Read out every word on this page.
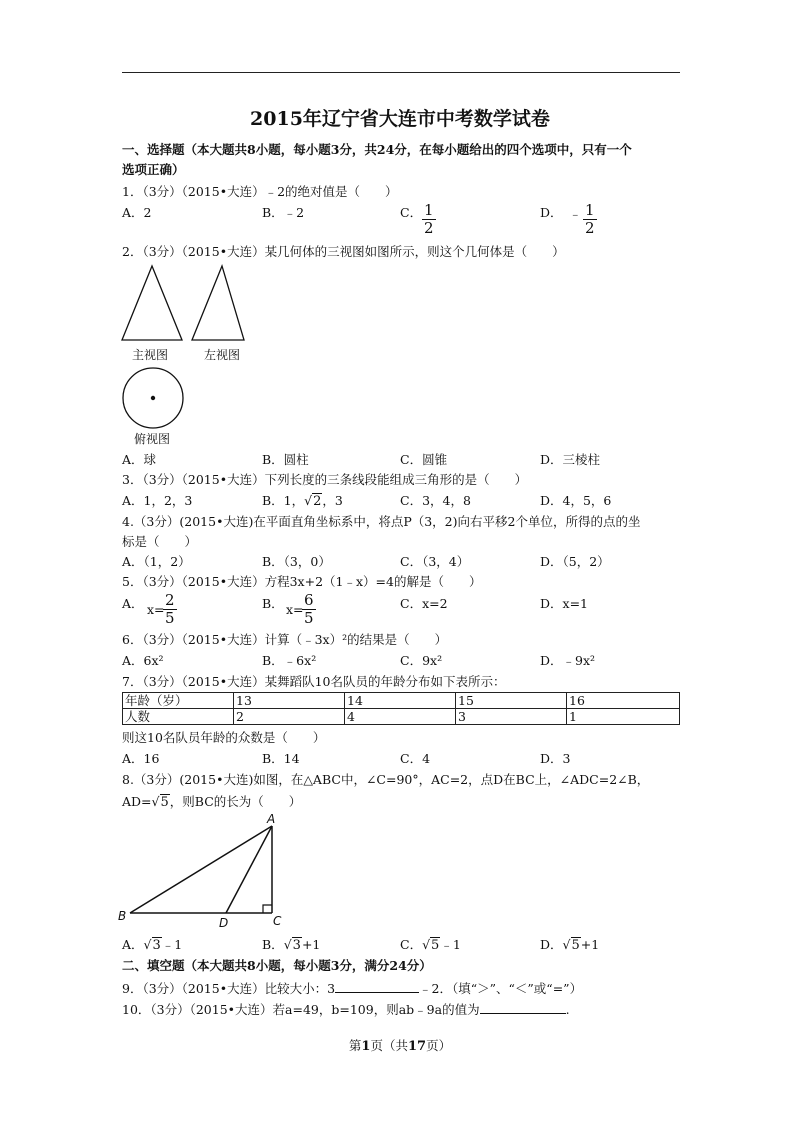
2015年辽宁省大连市中考数学试卷
一、选择题（本大题共8小题，每小题3分，共24分，在每小题给出的四个选项中，只有一个
选项正确）
1．（3分）（2015•大连）﹣2的绝对值是（　　）
A．2	B．﹣2	C． $\frac{1}{2}$	D． ﹣ $\frac{1}{2}$
2．（3分）（2015•大连）某几何体的三视图如图所示，则这个几何体是（　　）
主视图	左视图
俯视图
A．球	B．圆柱	C．圆锥	D．三棱柱
3．（3分）（2015•大连）下列长度的三条线段能组成三角形的是（　　）
A．1，2，3	B．1，√2，3	C．3，4，8	D．4，5，6
4.（3分）(2015•大连)在平面直角坐标系中，将点P（3，2)向右平移2个单位，所得的点的坐
标是（　　）
A．（1，2）	B．（3，0）	C．（3，4）	D．（5，2）
5．（3分）（2015•大连）方程3x+2（1﹣x）=4的解是（　　）
A． x=
$\frac{2}{5}$	B． x=
$\frac{6}{5}$	C．x=2	D．x=1
6．（3分）（2015•大连）计算（﹣3x）²的结果是（　　）
A．6x²	B．﹣6x²	C．9x²	D．﹣9x²
7．（3分）（2015•大连）某舞蹈队10名队员的年龄分布如下表所示：
年龄（岁）	13	14	15	16
人数	2	4	3	1
则这10名队员年龄的众数是（　　）
A．16	B．14	C．4	D．3
8.（3分）(2015•大连)如图，在△ABC中，∠C=90°，AC=2，点D在BC上，∠ADC=2∠B，
AD=√5，则BC的长为（　　）
A
B	C
D
A．√3﹣1	B．√3+1	C．√5﹣1	D．√5+1
二、填空题（本大题共8小题，每小题3分，满分24分）
9．（3分）（2015•大连）比较大小：3	﹣2．（填“＞”、“＜”或“=”）
10．（3分）（2015•大连）若a=49，b=109，则ab﹣9a的值为	.
第1页（共17页）
